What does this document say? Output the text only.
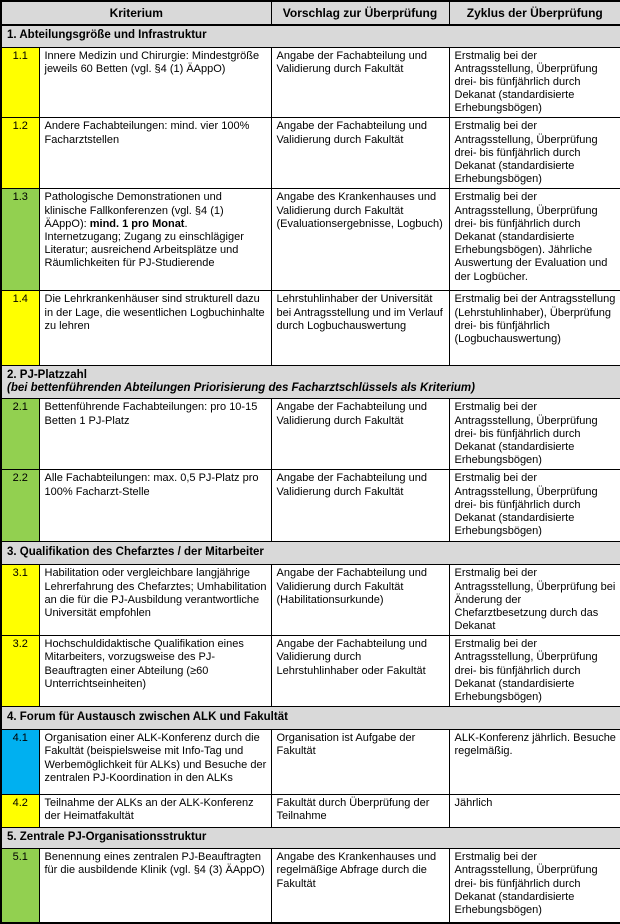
Kriterium		Vorschlag zur Überprüfung	Zyklus der Überprüfung
1. Abteilungsgröße und Infrastruktur			
1.1	Innere Medizin und Chirurgie: Mindestgröße jeweils 60 Betten (vgl. §4 (1) ÄAppO)	Angabe der Fachabteilung und Validierung durch Fakultät	Erstmalig bei der Antragsstellung, Überprüfung drei- bis fünfjährlich durch Dekanat (standardisierte Erhebungsbögen)
1.2	Andere Fachabteilungen: mind. vier 100% Facharztstellen	Angabe der Fachabteilung und Validierung durch Fakultät	Erstmalig bei der Antragsstellung, Überprüfung drei- bis fünfjährlich durch Dekanat (standardisierte Erhebungsbögen)
1.3	Pathologische Demonstrationen und klinische Fallkonferenzen (vgl. §4 (1) ÄAppO): mind. 1 pro Monat. Internetzugang; Zugang zu einschlägiger Literatur; ausreichend Arbeitsplätze und Räumlichkeiten für PJ-Studierende	Angabe des Krankenhauses und Validierung durch Fakultät (Evaluationsergebnisse, Logbuch)	Erstmalig bei der Antragsstellung, Überprüfung drei- bis fünfjährlich durch Dekanat (standardisierte Erhebungsbögen). Jährliche Auswertung der Evaluation und der Logbücher.
1.4	Die Lehrkrankenhäuser sind strukturell dazu in der Lage, die wesentlichen Logbuchinhalte zu lehren	Lehrstuhlinhaber der Universität bei Antragsstellung und im Verlauf durch Logbuchauswertung	Erstmalig bei der Antragsstellung (Lehrstuhlinhaber), Überprüfung drei- bis fünfjährlich (Logbuchauswertung)

2. PJ-Platzzahl
(bei bettenführenden Abteilungen Priorisierung des Facharztschlüssels als Kriterium)			

2.1	Bettenführende Fachabteilungen: pro 10-15 Betten 1 PJ-Platz	Angabe der Fachabteilung und Validierung durch Fakultät	Erstmalig bei der Antragsstellung, Überprüfung drei- bis fünfjährlich durch Dekanat (standardisierte Erhebungsbögen)
2.2	Alle Fachabteilungen: max. 0,5 PJ-Platz pro 100% Facharzt-Stelle	Angabe der Fachabteilung und Validierung durch Fakultät	Erstmalig bei der Antragsstellung, Überprüfung drei- bis fünfjährlich durch Dekanat (standardisierte Erhebungsbögen)
3. Qualifikation des Chefarztes / der Mitarbeiter			
3.1	Habilitation oder vergleichbare langjährige Lehrerfahrung des Chefarztes; Umhabilitation an die für die PJ-Ausbildung verantwortliche Universität empfohlen	Angabe der Fachabteilung und Validierung durch Fakultät (Habilitationsurkunde)	Erstmalig bei der Antragsstellung, Überprüfung bei Änderung der Chefarztbesetzung durch das Dekanat
3.2	Hochschuldidaktische Qualifikation eines Mitarbeiters, vorzugsweise des PJ-Beauftragten einer Abteilung (≥60 Unterrichtseinheiten)	Angabe der Fachabteilung und Validierung durch Lehrstuhlinhaber oder Fakultät	Erstmalig bei der Antragsstellung, Überprüfung drei- bis fünfjährlich durch Dekanat (standardisierte Erhebungsbögen)
4. Forum für Austausch zwischen ALK und Fakultät			
4.1	Organisation einer ALK-Konferenz durch die Fakultät (beispielsweise mit Info-Tag und Werbemöglichkeit für ALKs) und Besuche der zentralen PJ-Koordination in den ALKs	Organisation ist Aufgabe der Fakultät	ALK-Konferenz jährlich. Besuche regelmäßig.
4.2	Teilnahme der ALKs an der ALK-Konferenz der Heimatfakultät	Fakultät durch Überprüfung der Teilnahme	Jährlich
5. Zentrale PJ-Organisationsstruktur			
5.1	Benennung eines zentralen PJ-Beauftragten für die ausbildende Klinik (vgl. §4 (3) ÄAppO)	Angabe des Krankenhauses und regelmäßige Abfrage durch die Fakultät	Erstmalig bei der Antragsstellung, Überprüfung drei- bis fünfjährlich durch Dekanat (standardisierte Erhebungsbögen)
